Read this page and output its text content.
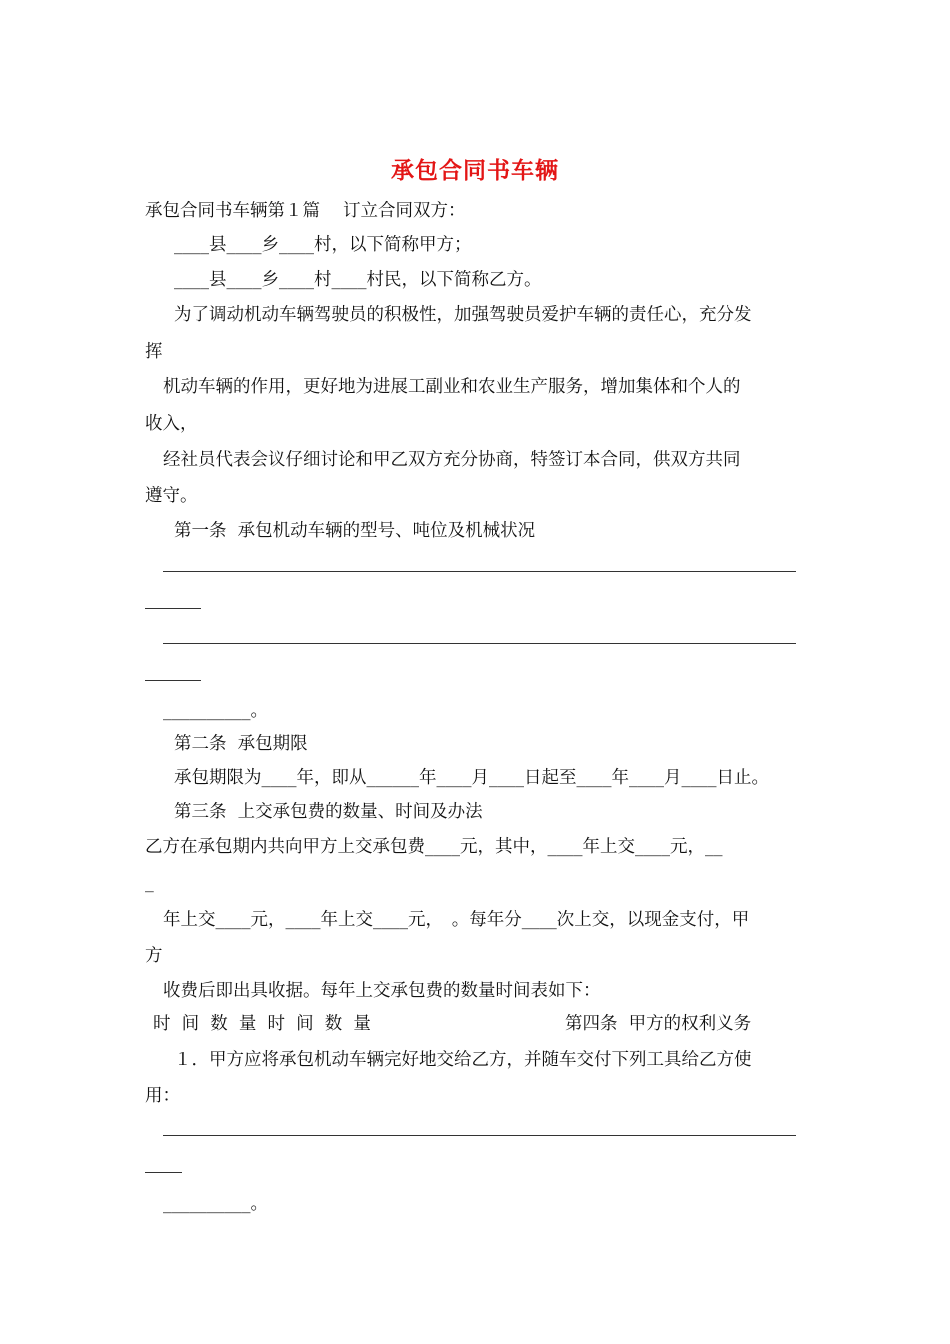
承包合同书车辆
承包合同书车辆第１篇　 订立合同双方：
____县____乡____村，以下简称甲方；
____县____乡____村____村民，以下简称乙方。
为了调动机动车辆驾驶员的积极性，加强驾驶员爱护车辆的责任心，充分发
挥
机动车辆的作用，更好地为进展工副业和农业生产服务，增加集体和个人的
收入，
经社员代表会议仔细讨论和甲乙双方充分协商，特签订本合同，供双方共同
遵守。
第一条  承包机动车辆的型号、吨位及机械状况
__________。
第二条  承包期限
承包期限为____年，即从______年____月____日起至____年____月____日止。
第三条  上交承包费的数量、时间及办法
乙方在承包期内共向甲方上交承包费____元，其中，____年上交____元，__
_
年上交____元，____年上交____元，　。每年分____次上交，以现金支付，甲
方
收费后即出具收据。每年上交承包费的数量时间表如下：
时  间  数  量  时  间  数  量	第四条  甲方的权利义务
１．甲方应将承包机动车辆完好地交给乙方，并随车交付下列工具给乙方使
用：
__________。
